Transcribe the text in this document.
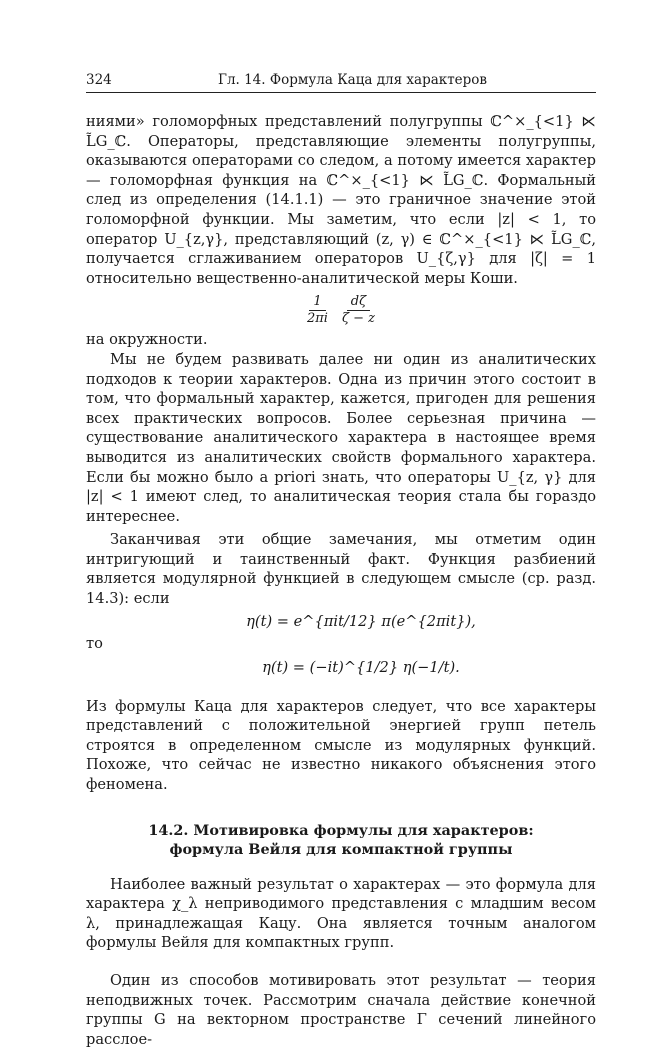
324	Гл. 14. Формула Каца для характеров

ниями» голоморфных представлений полугруппы ℂ^×_{<1} ⋉ L̃G_ℂ. Операторы, представляющие элементы полугруппы, оказываются операторами со следом, а потому имеется характер — голоморфная функция на ℂ^×_{<1} ⋉ L̃G_ℂ. Формальный след из определения (14.1.1) — это граничное значение этой голоморфной функции. Мы заметим, что если |z| < 1, то оператор U_{z,γ}, представляющий (z, γ) ∈ ℂ^×_{<1} ⋉ L̃G_ℂ, получается сглаживанием операторов U_{ζ,γ} для |ζ| = 1 относительно вещественно-аналитической меры Коши.

$\frac{1}{2\pi i} \frac{d\zeta}{\zeta - z}$

на окружности.

Мы не будем развивать далее ни один из аналитических подходов к теории характеров. Одна из причин этого состоит в том, что формальный характер, кажется, пригоден для решения всех практических вопросов. Более серьезная причина — существование аналитического характера в настоящее время выводится из аналитических свойств формального характера. Если бы можно было a priori знать, что операторы U_{z, γ} для |z| < 1 имеют след, то аналитическая теория стала бы гораздо интереснее.

Заканчивая эти общие замечания, мы отметим один интригующий и таинственный факт. Функция разбиений является модулярной функцией в следующем смысле (ср. разд. 14.3): если

η(t) = e^{πit/12} π(e^{2πit}),
то
η(t) = (−it)^{1/2} η(−1/t).

Из формулы Каца для характеров следует, что все характеры представлений с положительной энергией групп петель строятся в определенном смысле из модулярных функций. Похоже, что сейчас не известно никакого объяснения этого феномена.

14.2. Мотивировка формулы для характеров:
формула Вейля для компактной группы

Наиболее важный результат о характерах — это формула для характера χ_λ неприводимого представления с младшим весом λ, принадлежащая Кацу. Она является точным аналогом формулы Вейля для компактных групп.

Один из способов мотивировать этот результат — теория неподвижных точек. Рассмотрим сначала действие конечной группы G на векторном пространстве Γ сечений линейного расслое-
